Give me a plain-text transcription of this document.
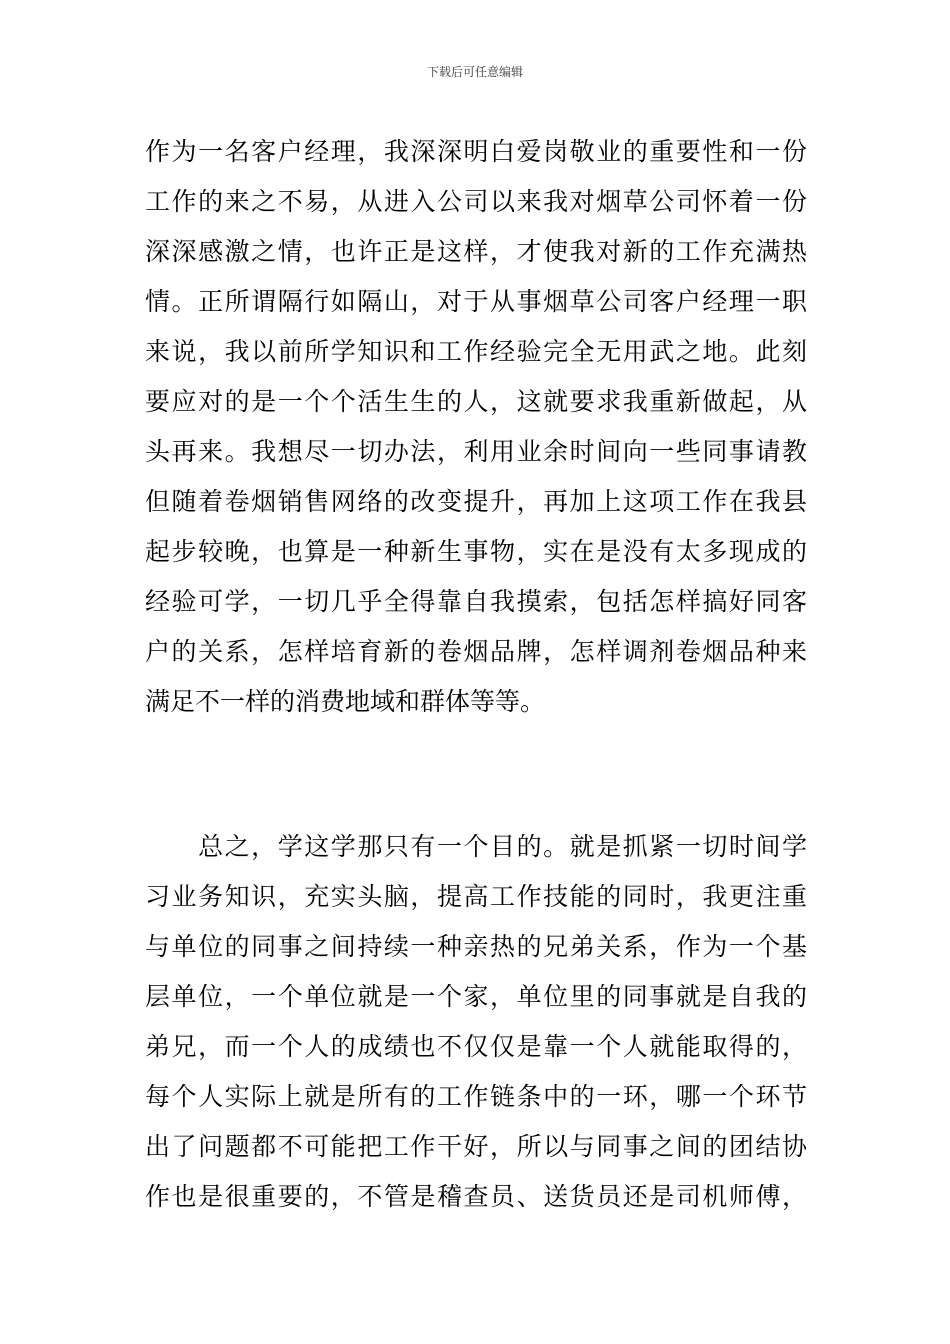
下载后可任意编辑
作为一名客户经理，我深深明白爱岗敬业的重要性和一份
工作的来之不易，从进入公司以来我对烟草公司怀着一份
深深感激之情，也许正是这样，才使我对新的工作充满热
情。正所谓隔行如隔山，对于从事烟草公司客户经理一职
来说，我以前所学知识和工作经验完全无用武之地。此刻
要应对的是一个个活生生的人，这就要求我重新做起，从
头再来。我想尽一切办法，利用业余时间向一些同事请教
但随着卷烟销售网络的改变提升，再加上这项工作在我县
起步较晚，也算是一种新生事物，实在是没有太多现成的
经验可学，一切几乎全得靠自我摸索，包括怎样搞好同客
户的关系，怎样培育新的卷烟品牌，怎样调剂卷烟品种来
满足不一样的消费地域和群体等等。
　　总之，学这学那只有一个目的。就是抓紧一切时间学
习业务知识，充实头脑，提高工作技能的同时，我更注重
与单位的同事之间持续一种亲热的兄弟关系，作为一个基
层单位，一个单位就是一个家，单位里的同事就是自我的
弟兄，而一个人的成绩也不仅仅是靠一个人就能取得的，
每个人实际上就是所有的工作链条中的一环，哪一个环节
出了问题都不可能把工作干好，所以与同事之间的团结协
作也是很重要的，不管是稽查员、送货员还是司机师傅，
